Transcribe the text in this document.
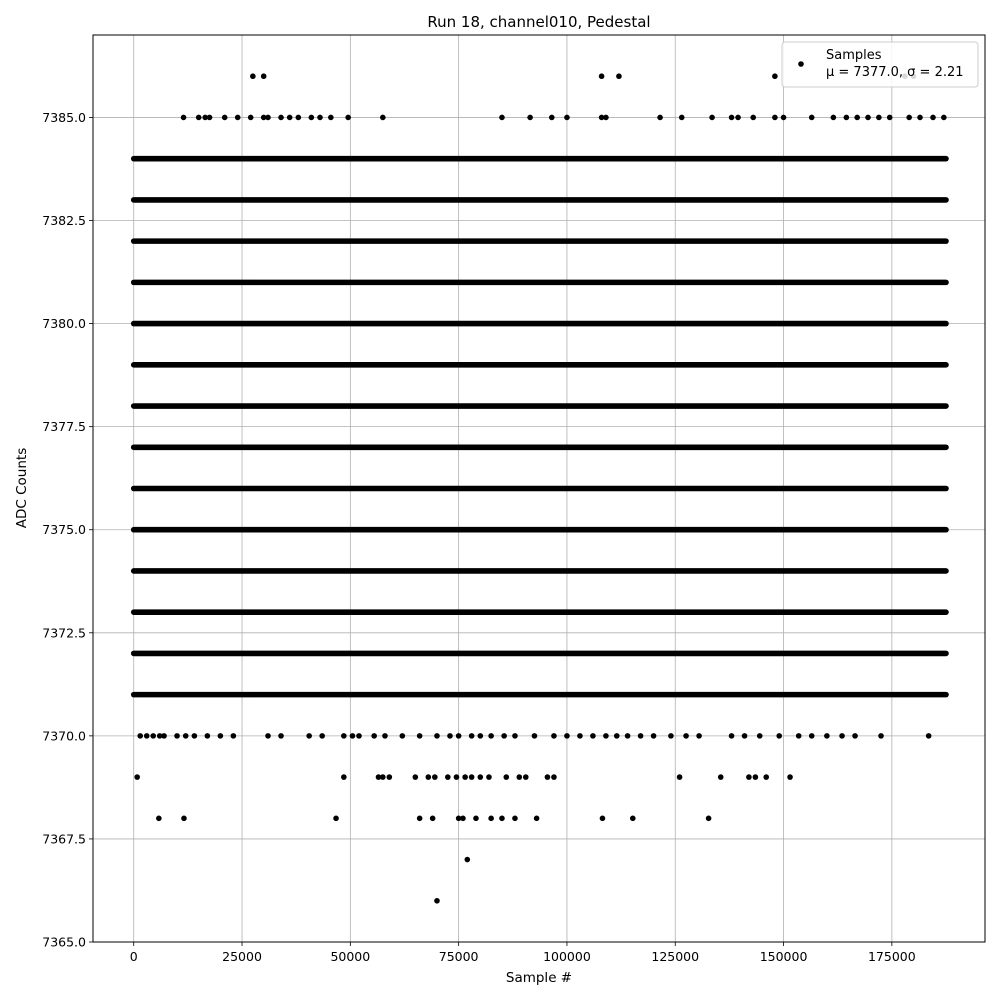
0	25000	50000	75000	100000	125000	150000	175000
7365.0
7367.5
7370.0
7372.5
7375.0
7377.5
7380.0
7382.5
7385.0
Run 18, channel010, Pedestal
Sample #
ADC Counts
Samples
μ = 7377.0, σ = 2.21
